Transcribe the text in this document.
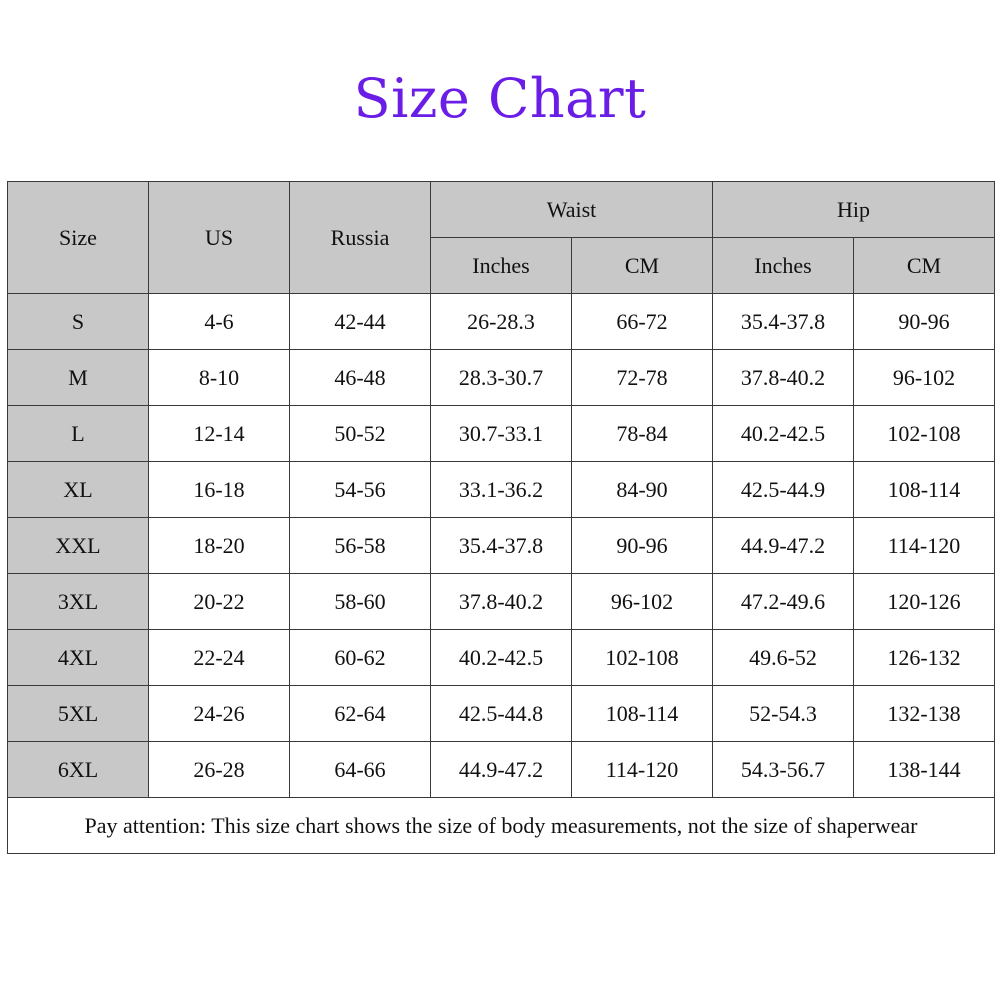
Size Chart
Size	US	Russia	Waist		Hip	
			Inches	CM	Inches	CM
S	4-6	42-44	26-28.3	66-72	35.4-37.8	90-96
M	8-10	46-48	28.3-30.7	72-78	37.8-40.2	96-102
L	12-14	50-52	30.7-33.1	78-84	40.2-42.5	102-108
XL	16-18	54-56	33.1-36.2	84-90	42.5-44.9	108-114
XXL	18-20	56-58	35.4-37.8	90-96	44.9-47.2	114-120
3XL	20-22	58-60	37.8-40.2	96-102	47.2-49.6	120-126
4XL	22-24	60-62	40.2-42.5	102-108	49.6-52	126-132
5XL	24-26	62-64	42.5-44.8	108-114	52-54.3	132-138
6XL	26-28	64-66	44.9-47.2	114-120	54.3-56.7	138-144
Pay attention: This size chart shows the size of body measurements, not the size of shaperwear						
